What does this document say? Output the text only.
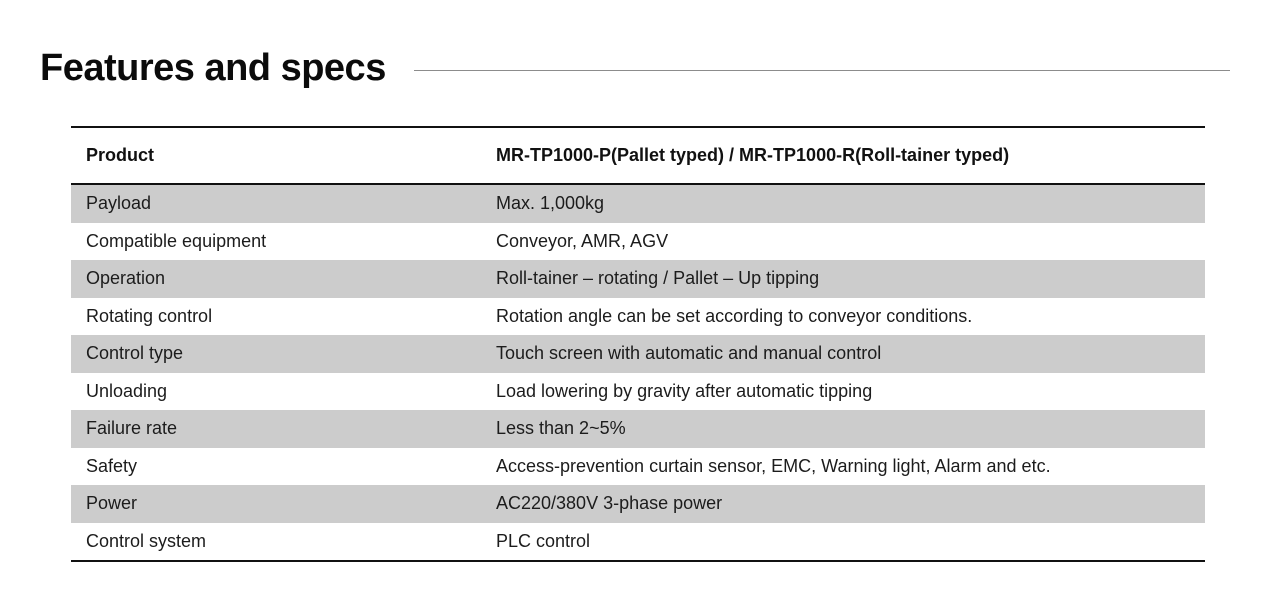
Features and specs
Product	MR-TP1000-P(Pallet typed) / MR-TP1000-R(Roll-tainer typed)
Payload	Max. 1,000kg
Compatible equipment	Conveyor, AMR, AGV
Operation	Roll-tainer – rotating / Pallet – Up tipping
Rotating control	Rotation angle can be set according to conveyor conditions.
Control type	Touch screen with automatic and manual control
Unloading	Load lowering by gravity after automatic tipping
Failure rate	Less than 2~5%
Safety	Access-prevention curtain sensor, EMC, Warning light, Alarm and etc.
Power	AC220/380V 3-phase power
Control system	PLC control
